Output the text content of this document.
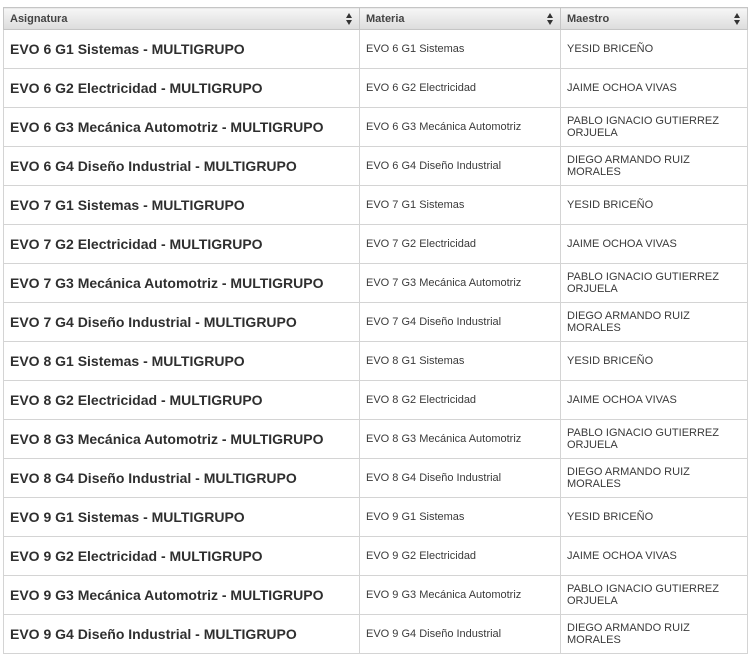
Asignatura	Materia	Maestro

EVO 6 G1 Sistemas - MULTIGRUPO	EVO 6 G1 Sistemas	YESID BRICEÑO
EVO 6 G2 Electricidad - MULTIGRUPO	EVO 6 G2 Electricidad	JAIME OCHOA VIVAS
EVO 6 G3 Mecánica Automotriz - MULTIGRUPO	EVO 6 G3 Mecánica Automotriz	PABLO IGNACIO GUTIERREZ ORJUELA
EVO 6 G4 Diseño Industrial - MULTIGRUPO	EVO 6 G4 Diseño Industrial	DIEGO ARMANDO RUIZ MORALES
EVO 7 G1 Sistemas - MULTIGRUPO	EVO 7 G1 Sistemas	YESID BRICEÑO
EVO 7 G2 Electricidad - MULTIGRUPO	EVO 7 G2 Electricidad	JAIME OCHOA VIVAS
EVO 7 G3 Mecánica Automotriz - MULTIGRUPO	EVO 7 G3 Mecánica Automotriz	PABLO IGNACIO GUTIERREZ ORJUELA
EVO 7 G4 Diseño Industrial - MULTIGRUPO	EVO 7 G4 Diseño Industrial	DIEGO ARMANDO RUIZ MORALES
EVO 8 G1 Sistemas - MULTIGRUPO	EVO 8 G1 Sistemas	YESID BRICEÑO
EVO 8 G2 Electricidad - MULTIGRUPO	EVO 8 G2 Electricidad	JAIME OCHOA VIVAS
EVO 8 G3 Mecánica Automotriz - MULTIGRUPO	EVO 8 G3 Mecánica Automotriz	PABLO IGNACIO GUTIERREZ ORJUELA
EVO 8 G4 Diseño Industrial - MULTIGRUPO	EVO 8 G4 Diseño Industrial	DIEGO ARMANDO RUIZ MORALES
EVO 9 G1 Sistemas - MULTIGRUPO	EVO 9 G1 Sistemas	YESID BRICEÑO
EVO 9 G2 Electricidad - MULTIGRUPO	EVO 9 G2 Electricidad	JAIME OCHOA VIVAS
EVO 9 G3 Mecánica Automotriz - MULTIGRUPO	EVO 9 G3 Mecánica Automotriz	PABLO IGNACIO GUTIERREZ ORJUELA
EVO 9 G4 Diseño Industrial - MULTIGRUPO	EVO 9 G4 Diseño Industrial	DIEGO ARMANDO RUIZ MORALES
